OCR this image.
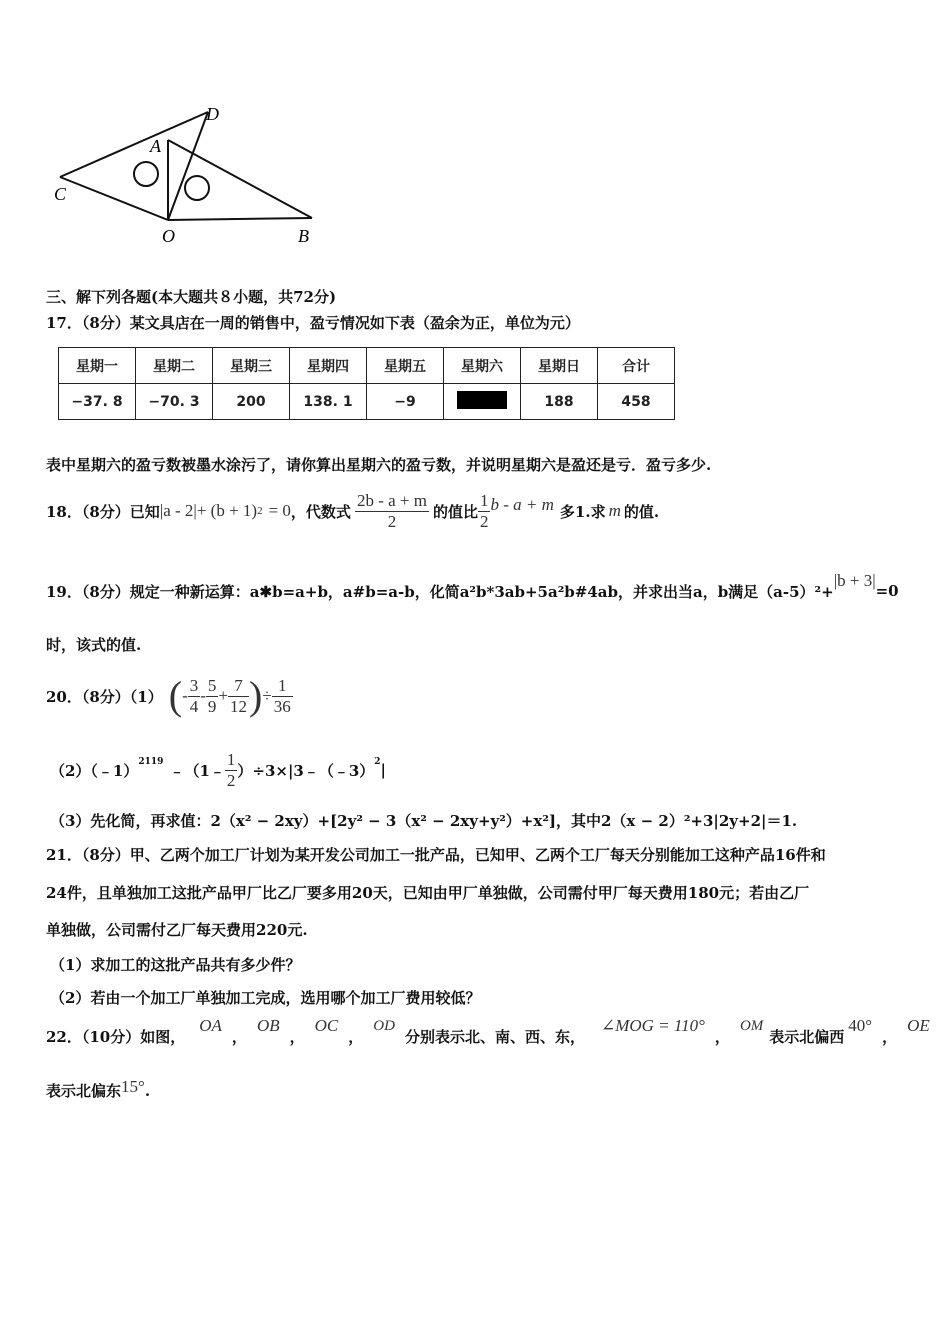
D
A
C
O	B
三、解下列各题(本大题共８小题，共72分)
17．（8分）某文具店在一周的销售中，盈亏情况如下表（盈余为正，单位为元）
星期一	星期二	星期三	星期四	星期五	星期六	星期日	合计
−37. 8	−70. 3	200	138. 1	−9		188	458
表中星期六的盈亏数被墨水涂污了，请你算出星期六的盈亏数，并说明星期六是盈还是亏．盈亏多少.
18．（8分）已知 |a - 2| + (b + 1) 2 = 0 ，代数式 $\frac{2b - a + m}{2}$ 的值比 $\frac{1}{2}$ b - a + m 多1.求 m 的值.
19．（8分）规定一种新运算：a✱b=a+b，a#b=a-b，化简a²b*3ab+5a²b#4ab，并求出当a，b满足（a-5）²+
|b + 3|
=0
时，该式的值.
20．（8分）（1） ( - $\frac{3}{4} - \frac{5}{9} + \frac{7}{12}$ ) ÷ $\frac{1}{36}$
（2）（﹣1）$^{2119}$ ﹣（1﹣ $\frac{1}{2}$ ）÷3×|3﹣（﹣3）$^2$ |
（3）先化简，再求值：2（x² − 2xy）+[2y² − 3（x² − 2xy+y²）+x²]，其中2（x − 2）²+3|2y+2|＝1.
21．（8分）甲、乙两个加工厂计划为某开发公司加工一批产品，已知甲、乙两个工厂每天分别能加工这种产品16件和
24件，且单独加工这批产品甲厂比乙厂要多用20天，已知由甲厂单独做，公司需付甲厂每天费用180元；若由乙厂
单独做，公司需付乙厂每天费用220元.
（1）求加工的这批产品共有多少件？
（2）若由一个加工厂单独加工完成，选用哪个加工厂费用较低？
22．（10分）如图，
OA
，
OB
，
OC
，
OD
分别表示北、南、西、东，
∠MOG = 110°
，
OM
表示北偏西
40°
，
OE
表示北偏东 15° .
